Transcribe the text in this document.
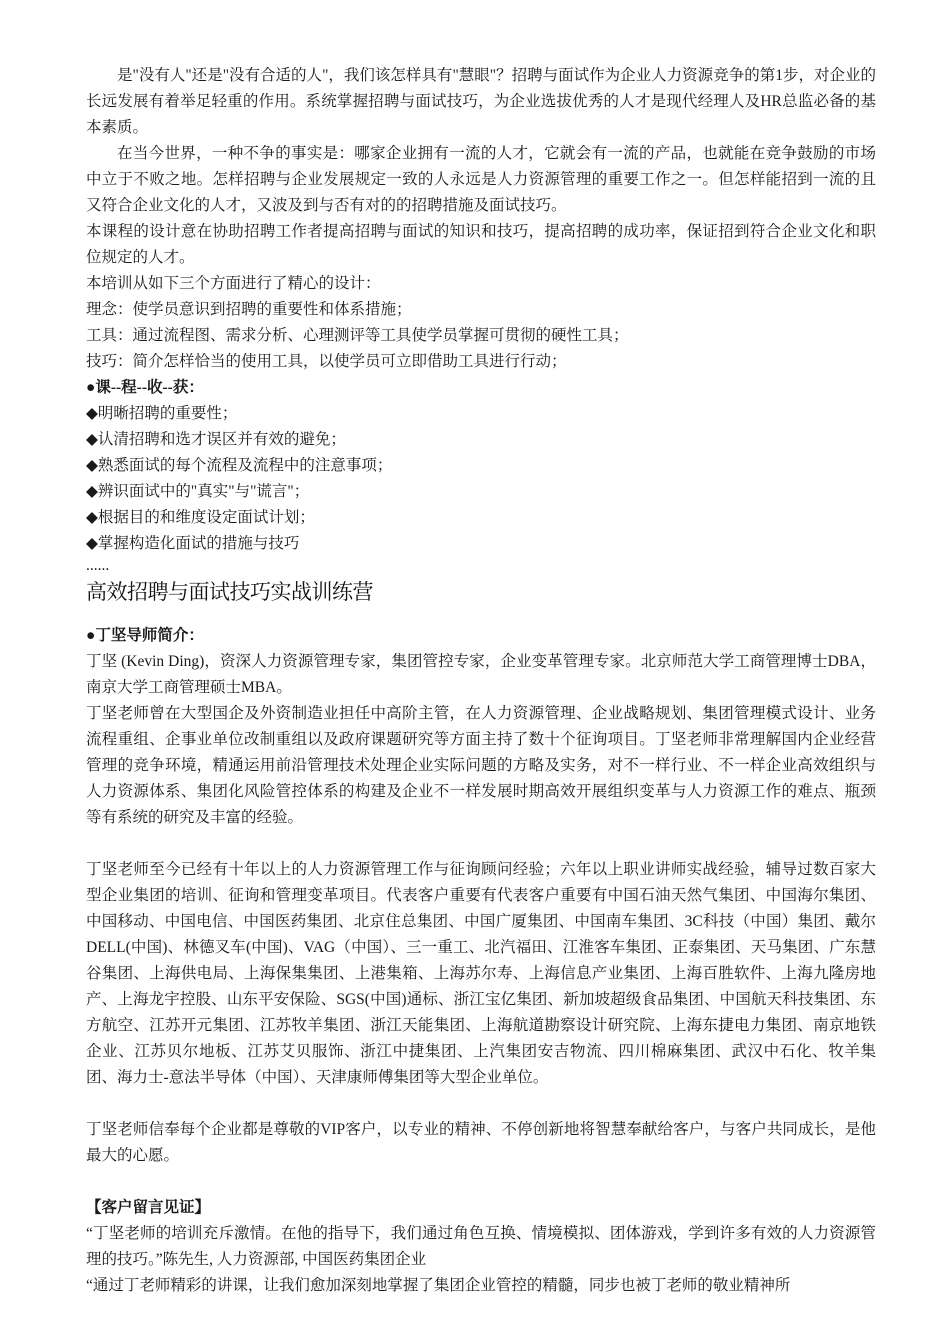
是"没有人"还是"没有合适的人"，我们该怎样具有"慧眼"？招聘与面试作为企业人力资源竞争的第1步，对企业的长远发展有着举足轻重的作用。系统掌握招聘与面试技巧，为企业选拔优秀的人才是现代经理人及HR总监必备的基本素质。

在当今世界，一种不争的事实是：哪家企业拥有一流的人才，它就会有一流的产品，也就能在竞争鼓励的市场中立于不败之地。怎样招聘与企业发展规定一致的人永远是人力资源管理的重要工作之一。但怎样能招到一流的且又符合企业文化的人才，又波及到与否有对的的招聘措施及面试技巧。

本课程的设计意在协助招聘工作者提高招聘与面试的知识和技巧，提高招聘的成功率，保证招到符合企业文化和职位规定的人才。

本培训从如下三个方面进行了精心的设计：

理念：使学员意识到招聘的重要性和体系措施；

工具：通过流程图、需求分析、心理测评等工具使学员掌握可贯彻的硬性工具；

技巧：简介怎样恰当的使用工具，以使学员可立即借助工具进行行动；

●课--程--收--获：

◆明晰招聘的重要性；

◆认清招聘和选才误区并有效的避免；

◆熟悉面试的每个流程及流程中的注意事项；

◆辨识面试中的"真实"与"谎言"；

◆根据目的和维度设定面试计划；

◆掌握构造化面试的措施与技巧

......

高效招聘与面试技巧实战训练营

●丁坚导师简介：

丁坚 (Kevin Ding)，资深人力资源管理专家，集团管控专家，企业变革管理专家。北京师范大学工商管理博士DBA，南京大学工商管理硕士MBA。

丁坚老师曾在大型国企及外资制造业担任中高阶主管，在人力资源管理、企业战略规划、集团管理模式设计、业务流程重组、企事业单位改制重组以及政府课题研究等方面主持了数十个征询项目。丁坚老师非常理解国内企业经营管理的竞争环境，精通运用前沿管理技术处理企业实际问题的方略及实务，对不一样行业、不一样企业高效组织与人力资源体系、集团化风险管控体系的构建及企业不一样发展时期高效开展组织变革与人力资源工作的难点、瓶颈等有系统的研究及丰富的经验。

丁坚老师至今已经有十年以上的人力资源管理工作与征询顾问经验；六年以上职业讲师实战经验，辅导过数百家大型企业集团的培训、征询和管理变革项目。代表客户重要有代表客户重要有中国石油天然气集团、中国海尔集团、中国移动、中国电信、中国医药集团、北京住总集团、中国广厦集团、中国南车集团、3C科技（中国）集团、戴尔DELL(中国)、林德叉车(中国)、VAG（中国）、三一重工、北汽福田、江淮客车集团、正泰集团、天马集团、广东慧谷集团、上海供电局、上海保集集团、上港集箱、上海苏尔寿、上海信息产业集团、上海百胜软件、上海九隆房地产、上海龙宇控股、山东平安保险、SGS(中国)通标、浙江宝亿集团、新加坡超级食品集团、中国航天科技集团、东方航空、江苏开元集团、江苏牧羊集团、浙江天能集团、上海航道勘察设计研究院、上海东捷电力集团、南京地铁企业、江苏贝尔地板、江苏艾贝服饰、浙江中捷集团、上汽集团安吉物流、四川棉麻集团、武汉中石化、牧羊集团、海力士-意法半导体（中国）、天津康师傅集团等大型企业单位。

丁坚老师信奉每个企业都是尊敬的VIP客户，以专业的精神、不停创新地将智慧奉献给客户，与客户共同成长，是他最大的心愿。

【客户留言见证】

“丁坚老师的培训充斥激情。在他的指导下，我们通过角色互换、情境模拟、团体游戏，学到许多有效的人力资源管理的技巧。”陈先生, 人力资源部, 中国医药集团企业

“通过丁老师精彩的讲课，让我们愈加深刻地掌握了集团企业管控的精髓，同步也被丁老师的敬业精神所
